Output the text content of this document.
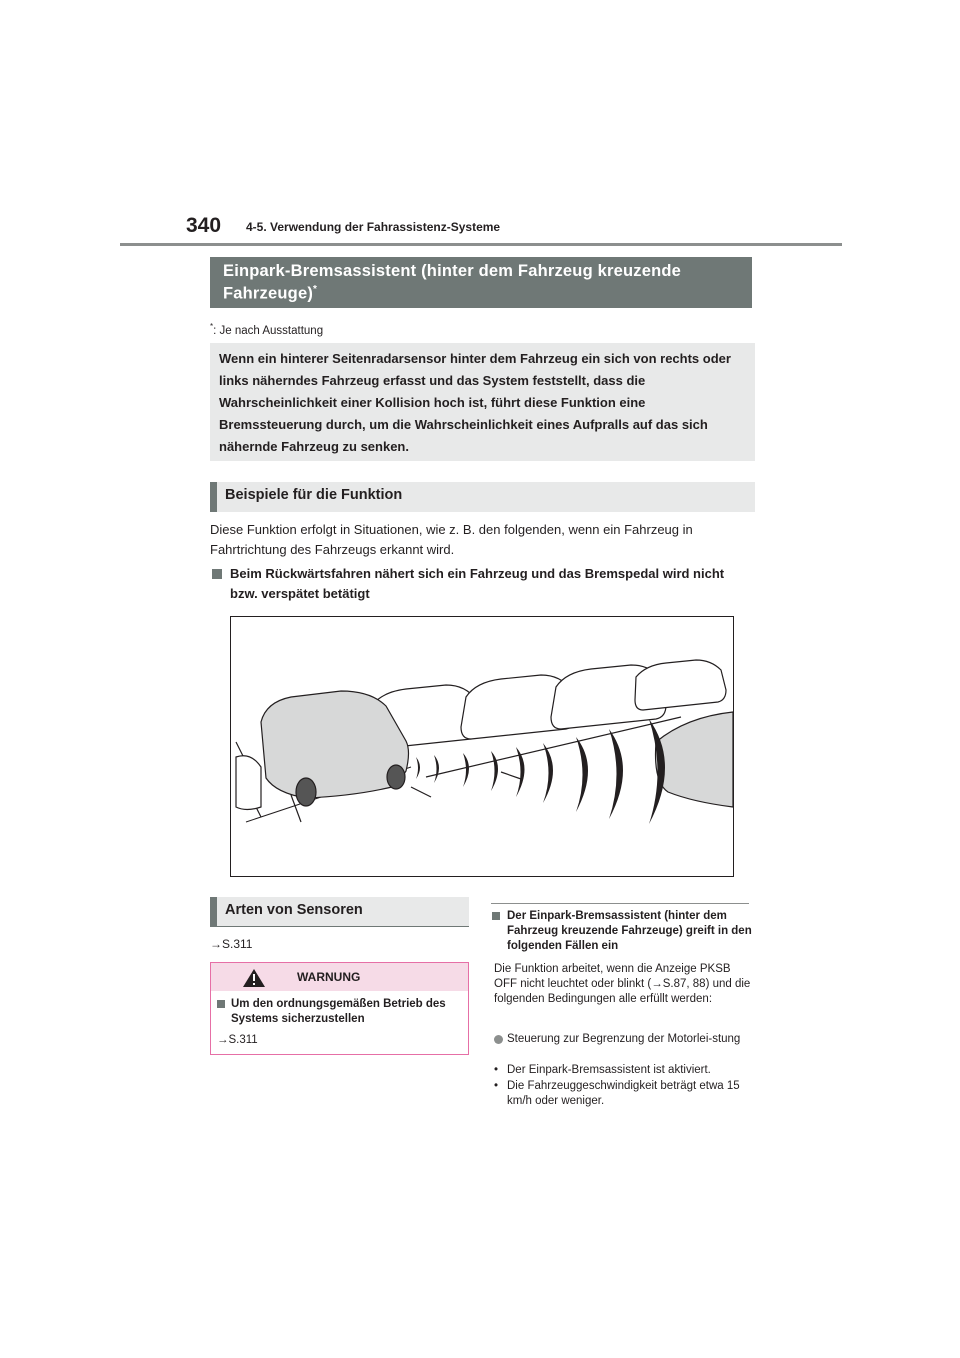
340 4-5. Verwendung der Fahrassistenz-Systeme
Einpark-Bremsassistent (hinter dem Fahrzeug kreuzende
Fahrzeuge)*
*: Je nach Ausstattung

Wenn ein hinterer Seitenradarsensor hinter dem Fahrzeug ein sich von rechts oder links näherndes Fahrzeug erfasst und das System feststellt, dass die Wahrscheinlichkeit einer Kollision hoch ist, führt diese Funktion eine Bremssteuerung durch, um die Wahrscheinlichkeit eines Aufpralls auf das sich nähernde Fahrzeug zu senken.

Beispiele für die Funktion
Diese Funktion erfolgt in Situationen, wie z. B. den folgenden, wenn ein Fahrzeug in Fahrtrichtung des Fahrzeugs erkannt wird.
Beim Rückwärtsfahren nähert sich ein Fahrzeug und das Bremspedal wird nicht bzw. verspätet betätigt
Arten von Sensoren
→S.311
WARNUNG
Um den ordnungsgemäßen Betrieb des Systems sicherzustellen
→S.311
Der Einpark-Bremsassistent (hinter dem Fahrzeug kreuzende Fahrzeuge) greift in den folgenden Fällen ein
Die Funktion arbeitet, wenn die Anzeige PKSB OFF nicht leuchtet oder blinkt (→S.87, 88) und die folgenden Bedingungen alle erfüllt werden:
Steuerung zur Begrenzung der Motorlei-stung
• Der Einpark-Bremsassistent ist aktiviert.
• Die Fahrzeuggeschwindigkeit beträgt etwa 15 km/h oder weniger.
